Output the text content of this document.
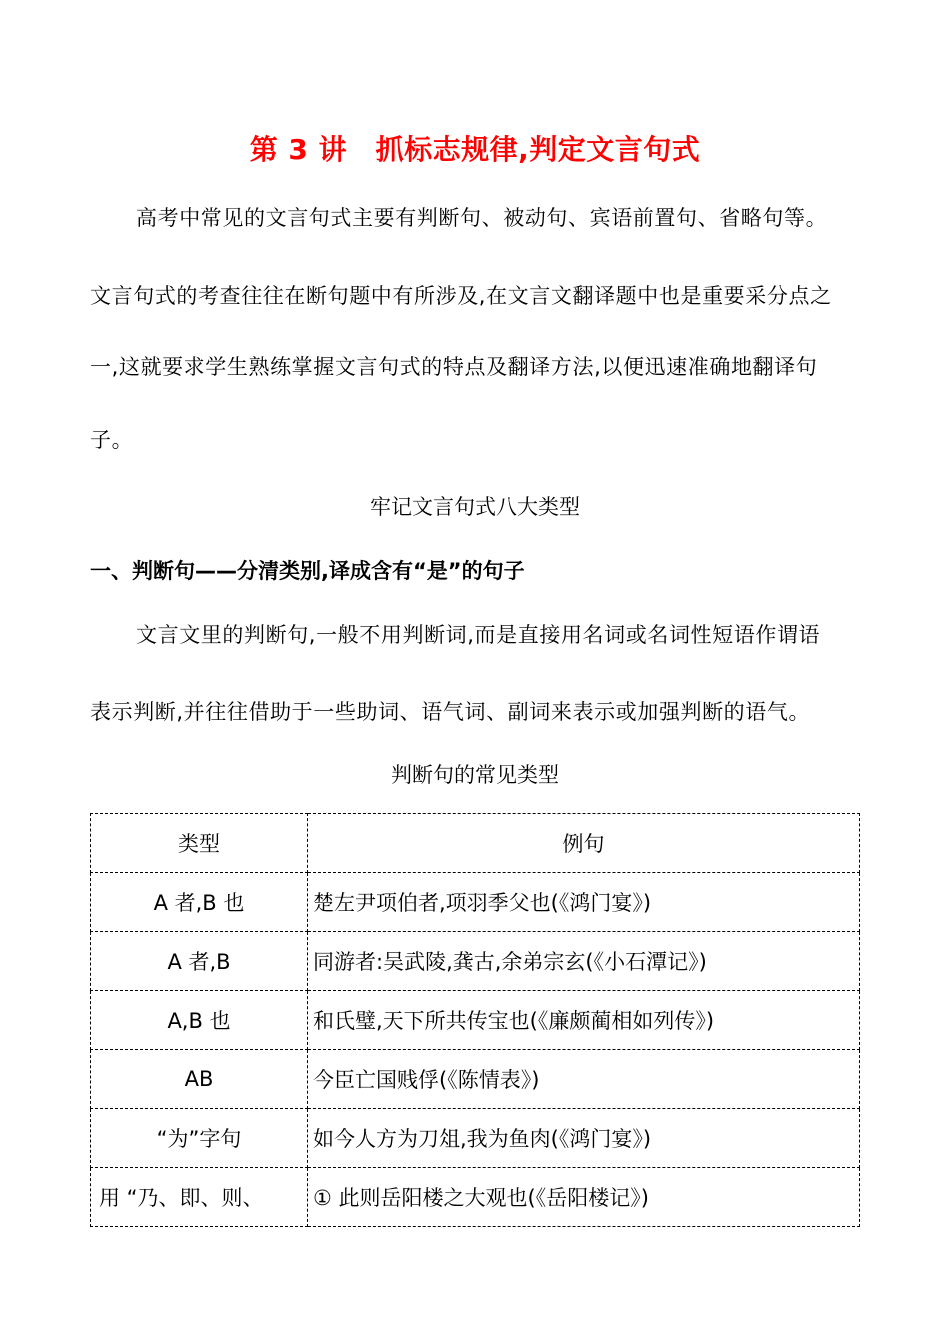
第 3 讲　抓标志规律,判定文言句式
高考中常见的文言句式主要有判断句、被动句、宾语前置句、省略句等。
文言句式的考查往往在断句题中有所涉及,在文言文翻译题中也是重要采分点之
一,这就要求学生熟练掌握文言句式的特点及翻译方法,以便迅速准确地翻译句
子。
牢记文言句式八大类型
一、判断句——分清类别,译成含有“是”的句子
文言文里的判断句,一般不用判断词,而是直接用名词或名词性短语作谓语
表示判断,并往往借助于一些助词、语气词、副词来表示或加强判断的语气。
判断句的常见类型
类型	例句
A 者,B 也	楚左尹项伯者,项羽季父也(《鸿门宴》)
A 者,B	同游者:吴武陵,龚古,余弟宗玄(《小石潭记》)
A,B 也	和氏璧,天下所共传宝也(《廉颇蔺相如列传》)
AB	今臣亡国贱俘(《陈情表》)
“为”字句	如今人方为刀俎,我为鱼肉(《鸿门宴》)
用 “乃、即、则、	① 此则岳阳楼之大观也(《岳阳楼记》)
